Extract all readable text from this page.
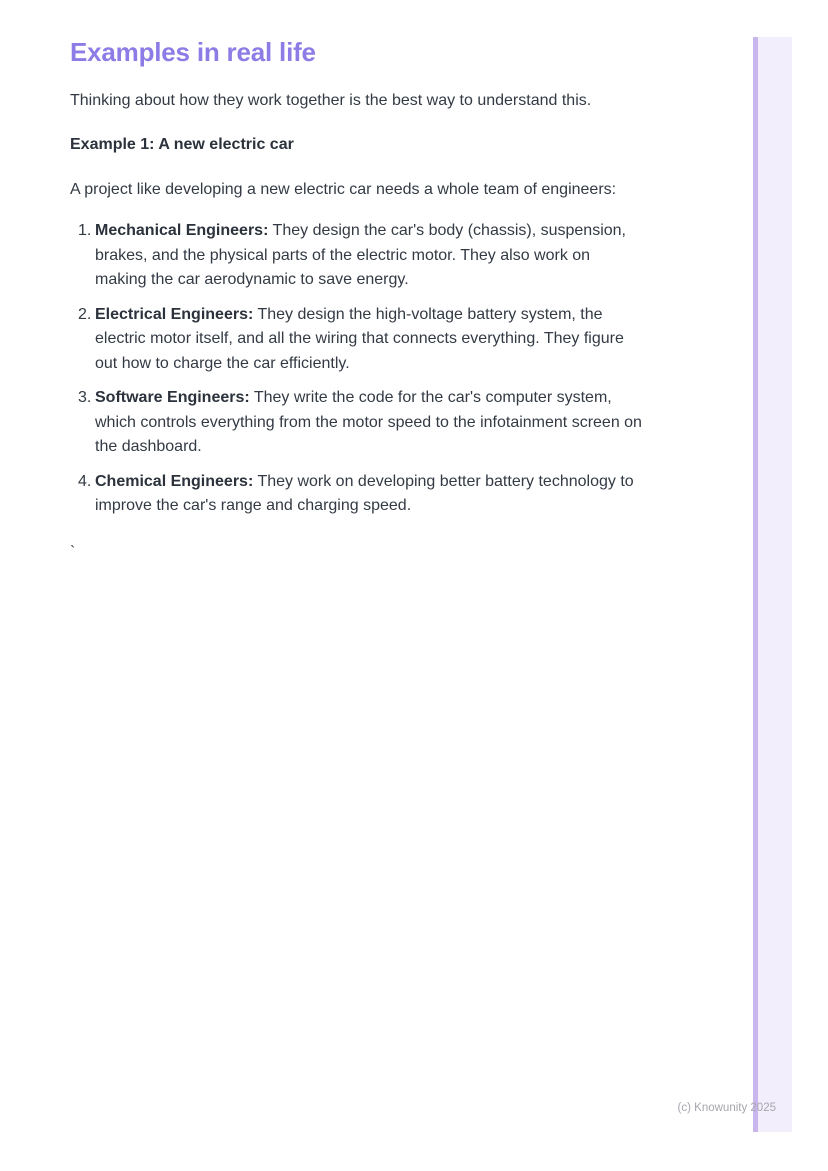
Examples in real life

Thinking about how they work together is the best way to understand this.

Example 1: A new electric car

A project like developing a new electric car needs a whole team of engineers:

1. Mechanical Engineers: They design the car's body (chassis), suspension, brakes, and the physical parts of the electric motor. They also work on making the car aerodynamic to save energy.
2. Electrical Engineers: They design the high-voltage battery system, the electric motor itself, and all the wiring that connects everything. They figure out how to charge the car efficiently.
3. Software Engineers: They write the code for the car's computer system, which controls everything from the motor speed to the infotainment screen on the dashboard.
4. Chemical Engineers: They work on developing better battery technology to improve the car's range and charging speed.

`

(c) Knowunity 2025
